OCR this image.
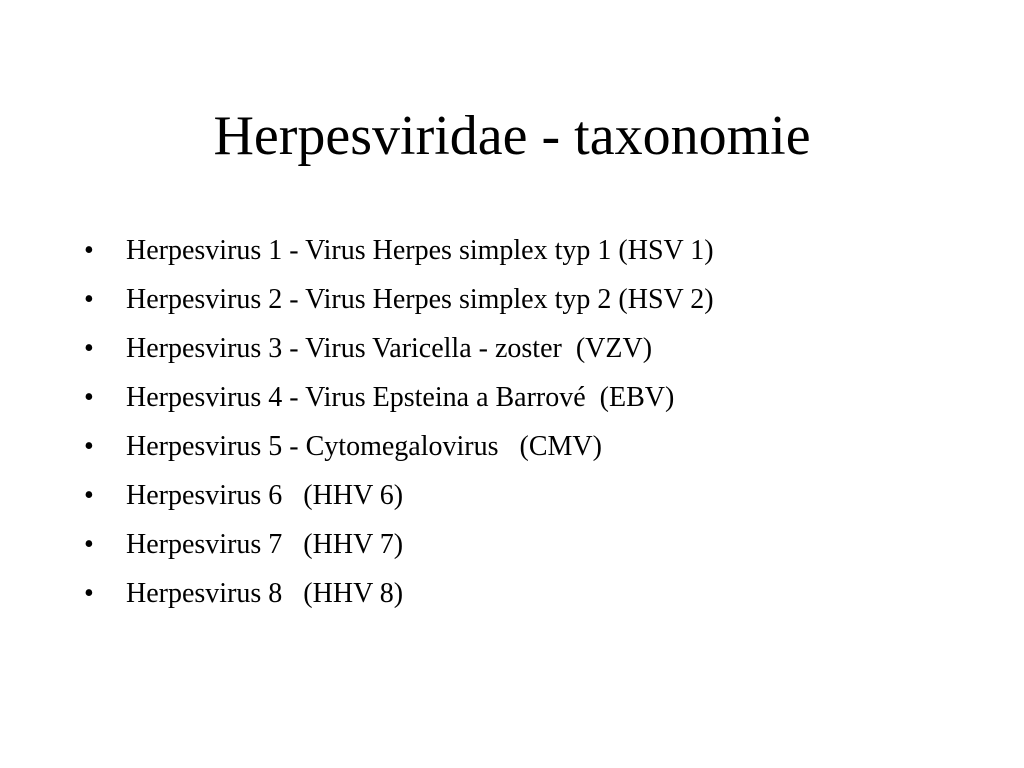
Herpesviridae - taxonomie

•

	Herpesvirus 1 - Virus Herpes simplex typ 1 (HSV 1)

•

	Herpesvirus 2 - Virus Herpes simplex typ 2 (HSV 2)

•

	Herpesvirus 3 - Virus Varicella - zoster  (VZV)

•

	Herpesvirus 4 - Virus Epsteina a Barrové  (EBV)

•

	Herpesvirus 5 - Cytomegalovirus   (CMV)

•

	Herpesvirus 6   (HHV 6)

•

	Herpesvirus 7   (HHV 7)

•

	Herpesvirus 8   (HHV 8)
